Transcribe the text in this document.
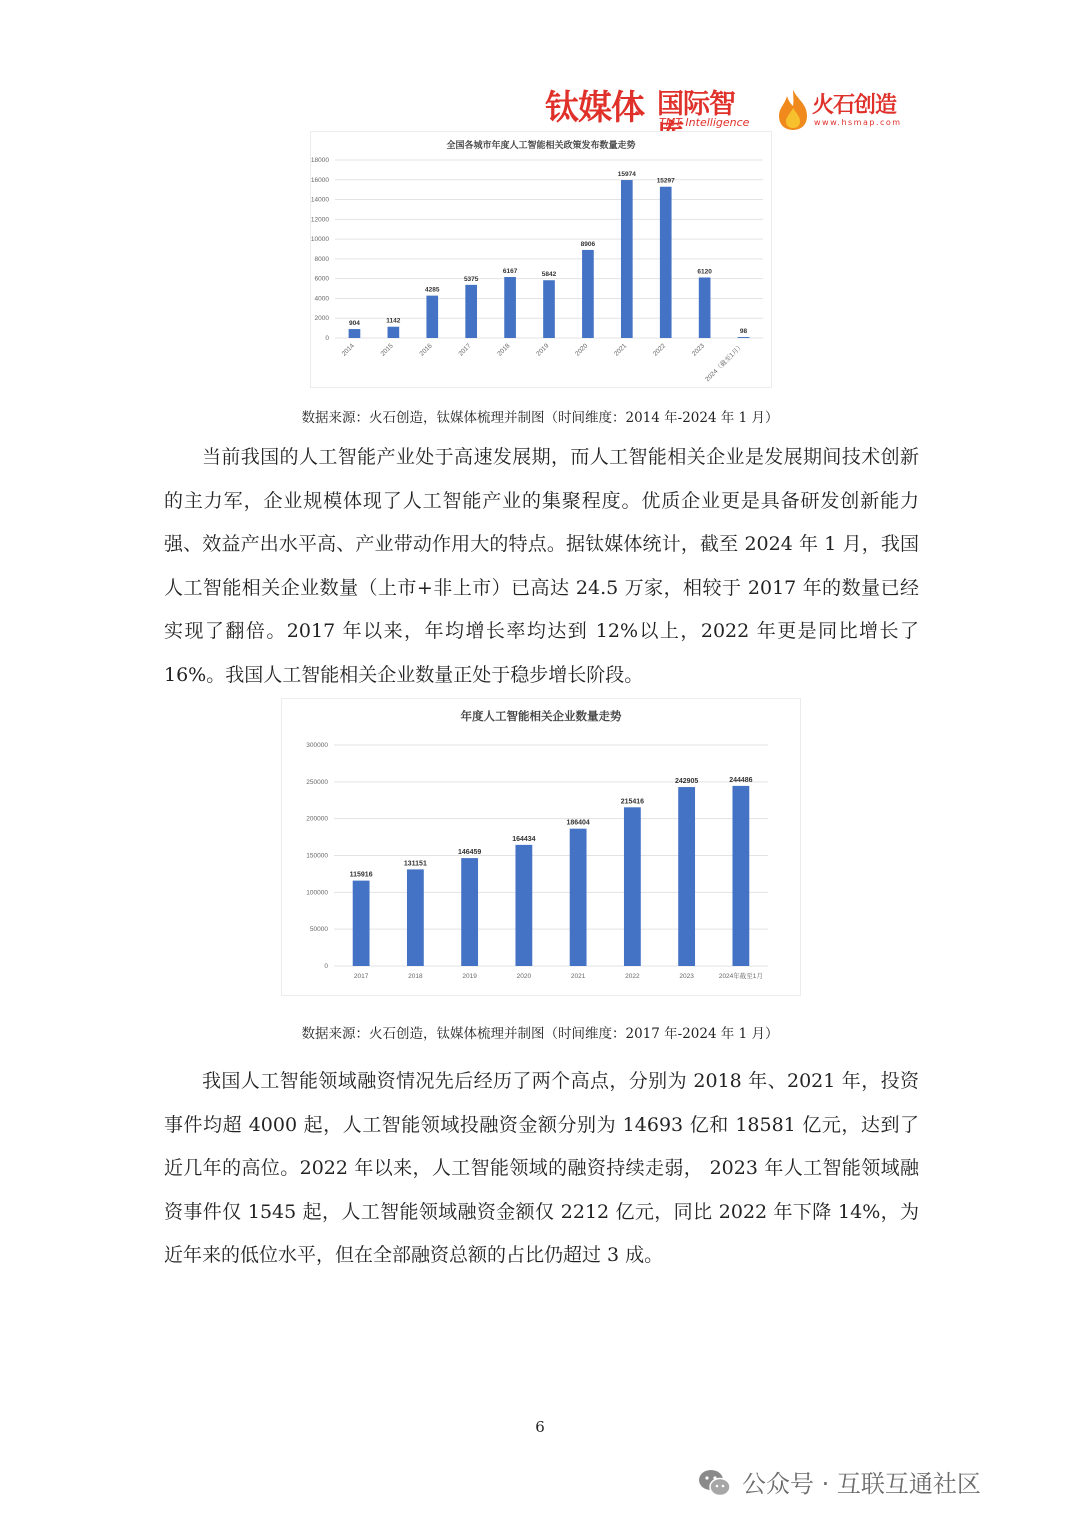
钛媒体 国际智
TMT Intelligence
火石创造
www.hsmap.com
全国各城市年度人工智能相关政策发布数量走势
0
2000
4000
6000
8000
10000
12000
14000
16000
18000
904
2014
1142
2015
4285
2016
5375
2017
6167
2018
5842
2019
8906
2020
15974
2021
15297
2022
6120
2023
98
2024（截至1月）
数据来源：火石创造，钛媒体梳理并制图（时间维度：2014 年-2024 年 1 月）

当前我国的人工智能产业处于高速发展期，而人工智能相关企业是发展期间技术创新的主力军，企业规模体现了人工智能产业的集聚程度。优质企业更是具备研发创新能力强、效益产出水平高、产业带动作用大的特点。据钛媒体统计，截至 2024 年 1 月，我国人工智能相关企业数量（上市+非上市）已高达 24.5 万家，相较于 2017 年的数量已经实现了翻倍。2017 年以来，年均增长率均达到 12%以上，2022 年更是同比增长了 16%。我国人工智能相关企业数量正处于稳步增长阶段。

年度人工智能相关企业数量走势
0
50000
100000
150000
200000
250000
300000
115916
2017
131151
2018
146459
2019
164434
2020
186404
2021
215416
2022
242905
2023
244486
2024年截至1月
数据来源：火石创造，钛媒体梳理并制图（时间维度：2017 年-2024 年 1 月）

我国人工智能领域融资情况先后经历了两个高点，分别为 2018 年、2021 年，投资事件均超 4000 起，人工智能领域投融资金额分别为 14693 亿和 18581 亿元，达到了近几年的高位。2022 年以来，人工智能领域的融资持续走弱， 2023 年人工智能领域融资事件仅 1545 起，人工智能领域融资金额仅 2212 亿元，同比 2022 年下降 14%，为近年来的低位水平，但在全部融资总额的占比仍超过 3 成。

6
公众号 · 互联互通社区
